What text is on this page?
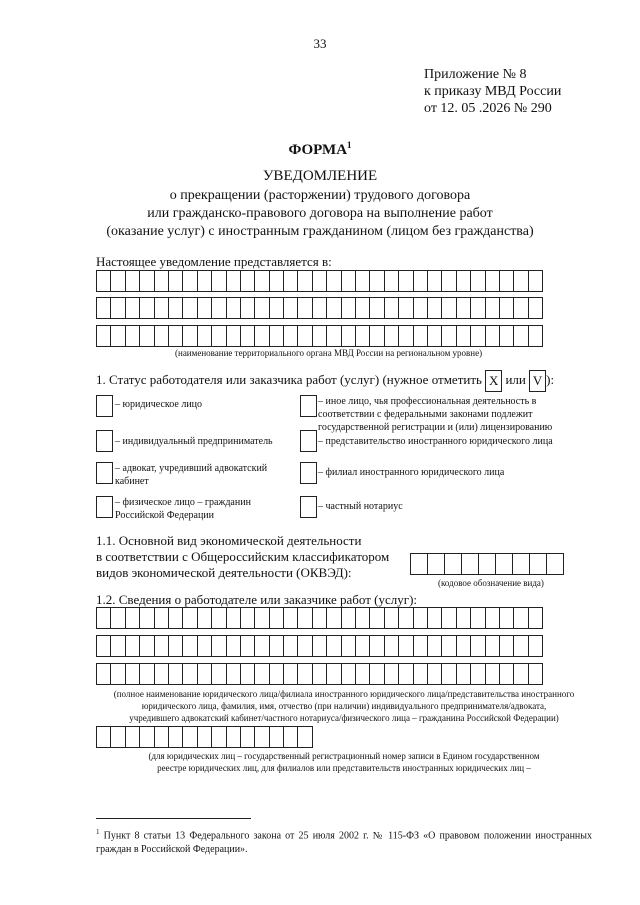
33
Приложение № 8
к приказу МВД России
от 12. 05 .2026 № 290
ФОРМА$^1$
УВЕДОМЛЕНИЕ
о прекращении (расторжении) трудового договора
или гражданско-правового договора на выполнение работ
(оказание услуг) с иностранным гражданином (лицом без гражданства)
Настоящее уведомление представляется в:
(наименование территориального органа МВД России на региональном уровне)
1. Статус работодателя или заказчика работ (услуг) (нужное отметить X или V ):
– юридическое лицо
– индивидуальный предприниматель
– адвокат, учредивший адвокатский кабинет
– физическое лицо – гражданин Российской Федерации
– иное лицо, чья профессиональная деятельность в соответствии с федеральными законами подлежит государственной регистрации и (или) лицензированию
– представительство иностранного юридического лица
– филиал иностранного юридического лица
– частный нотариус
1.1. Основной вид экономической деятельности
в соответствии с Общероссийским классификатором
видов экономической деятельности (ОКВЭД):
(кодовое обозначение вида)
1.2. Сведения о работодателе или заказчике работ (услуг):
(полное наименование юридического лица/филиала иностранного юридического лица/представительства иностранного
юридического лица, фамилия, имя, отчество (при наличии) индивидуального предпринимателя/адвоката,
учредившего адвокатский кабинет/частного нотариуса/физического лица – гражданина Российской Федерации)
(для юридических лиц – государственный регистрационный номер записи в Едином государственном
реестре юридических лиц, для филиалов или представительств иностранных юридических лиц –
$^1$ Пункт 8 статьи 13 Федерального закона от 25 июля 2002 г. № 115-ФЗ «О правовом положении иностранных граждан в Российской Федерации».
